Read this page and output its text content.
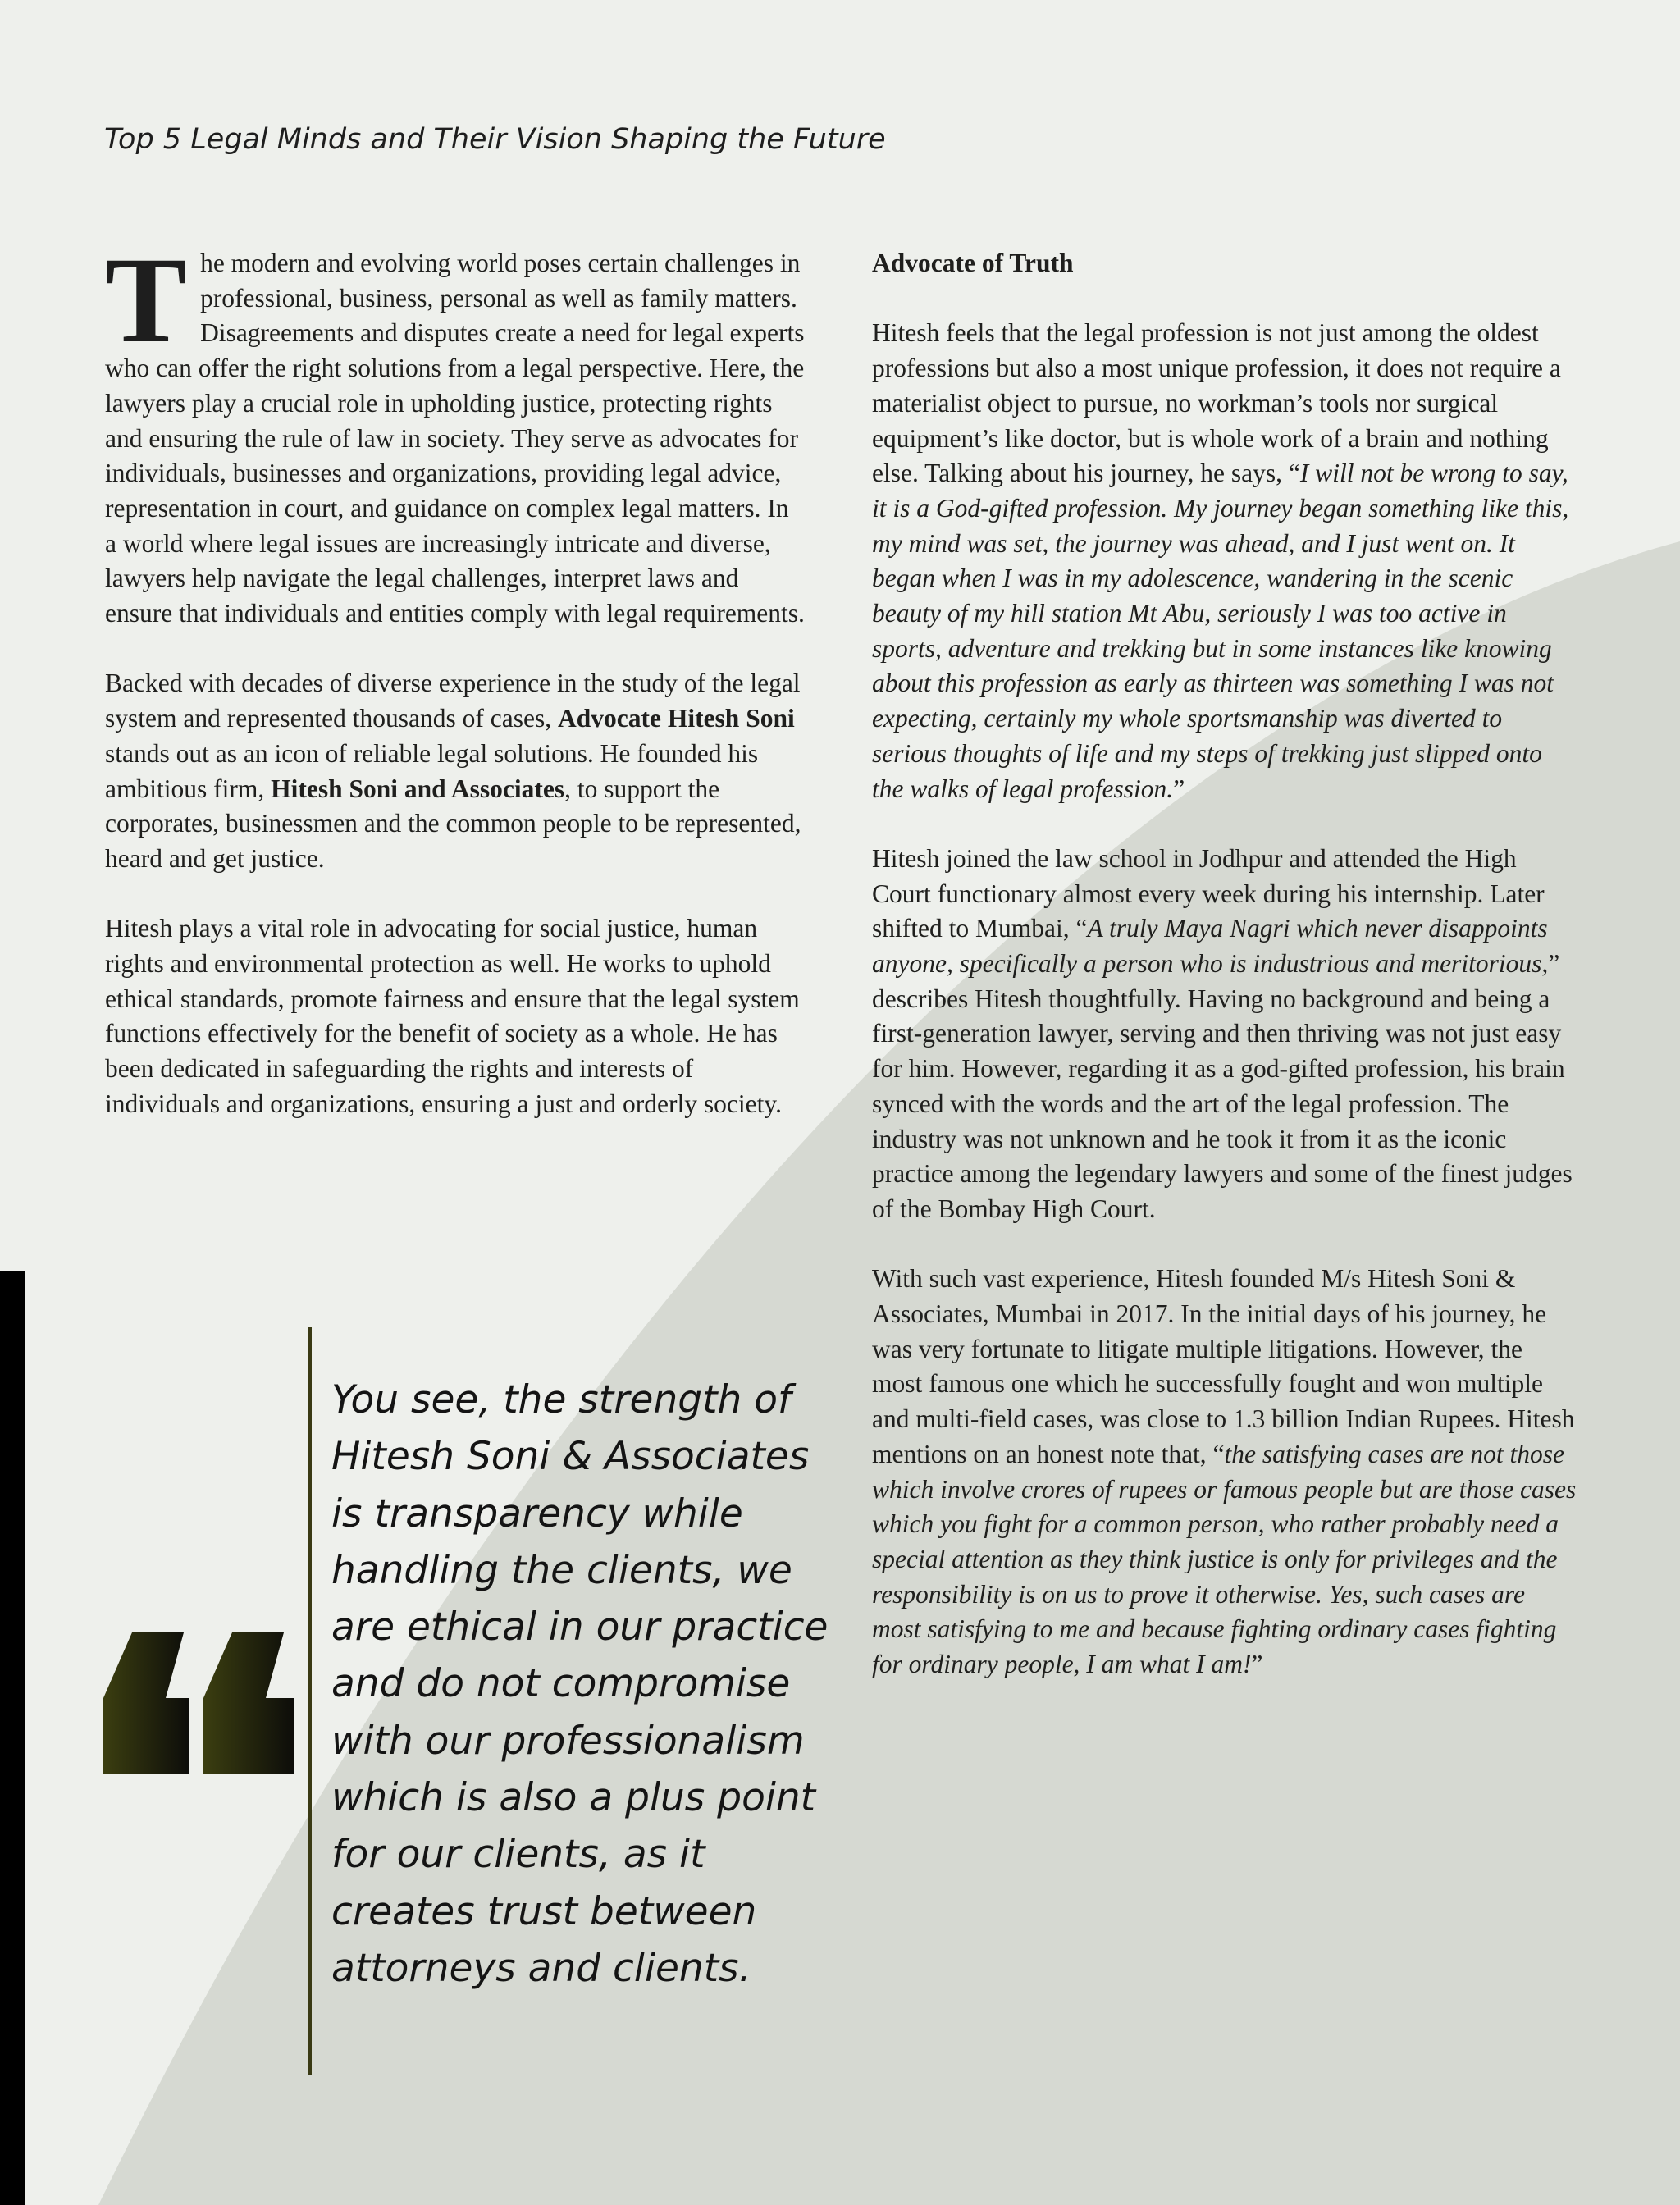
Top 5 Legal Minds and Their Vision Shaping the Future

The modern and evolving world poses certain challenges in professional, business, personal as well as family matters. Disagreements and disputes create a need for legal experts who can offer the right solutions from a legal perspective. Here, the lawyers play a crucial role in upholding justice, protecting rights and ensuring the rule of law in society. They serve as advocates for individuals, businesses and organizations, providing legal advice, representation in court, and guidance on complex legal matters. In a world where legal issues are increasingly intricate and diverse, lawyers help navigate the legal challenges, interpret laws and ensure that individuals and entities comply with legal requirements.

Backed with decades of diverse experience in the study of the legal system and represented thousands of cases, Advocate Hitesh Soni stands out as an icon of reliable legal solutions. He founded his ambitious firm, Hitesh Soni and Associates, to support the corporates, businessmen and the common people to be represented, heard and get justice.

Hitesh plays a vital role in advocating for social justice, human rights and environmental protection as well. He works to uphold ethical standards, promote fairness and ensure that the legal system functions effectively for the benefit of society as a whole. He has been dedicated in safeguarding the rights and interests of individuals and organizations, ensuring a just and orderly society.

You see, the strength of Hitesh Soni & Associates is transparency while handling the clients, we are ethical in our practice and do not compromise with our professionalism which is also a plus point for our clients, as it creates trust between attorneys and clients.

Advocate of Truth

Hitesh feels that the legal profession is not just among the oldest professions but also a most unique profession, it does not require a materialist object to pursue, no workman’s tools nor surgical equipment’s like doctor, but is whole work of a brain and nothing else. Talking about his journey, he says, “I will not be wrong to say, it is a God-gifted profession. My journey began something like this, my mind was set, the journey was ahead, and I just went on. It began when I was in my adolescence, wandering in the scenic beauty of my hill station Mt Abu, seriously I was too active in sports, adventure and trekking but in some instances like knowing about this profession as early as thirteen was something I was not expecting, certainly my whole sportsmanship was diverted to serious thoughts of life and my steps of trekking just slipped onto the walks of legal profession.”

Hitesh joined the law school in Jodhpur and attended the High Court functionary almost every week during his internship. Later shifted to Mumbai, “A truly Maya Nagri which never disappoints anyone, specifically a person who is industrious and meritorious,” describes Hitesh thoughtfully. Having no background and being a first-generation lawyer, serving and then thriving was not just easy for him. However, regarding it as a god-gifted profession, his brain synced with the words and the art of the legal profession. The industry was not unknown and he took it from it as the iconic practice among the legendary lawyers and some of the finest judges of the Bombay High Court.

With such vast experience, Hitesh founded M/s Hitesh Soni & Associates, Mumbai in 2017. In the initial days of his journey, he was very fortunate to litigate multiple litigations. However, the most famous one which he successfully fought and won multiple and multi-field cases, was close to 1.3 billion Indian Rupees. Hitesh mentions on an honest note that, “the satisfying cases are not those which involve crores of rupees or famous people but are those cases which you fight for a common person, who rather probably need a special attention as they think justice is only for privileges and the responsibility is on us to prove it otherwise. Yes, such cases are most satisfying to me and because fighting ordinary cases fighting for ordinary people, I am what I am!”
